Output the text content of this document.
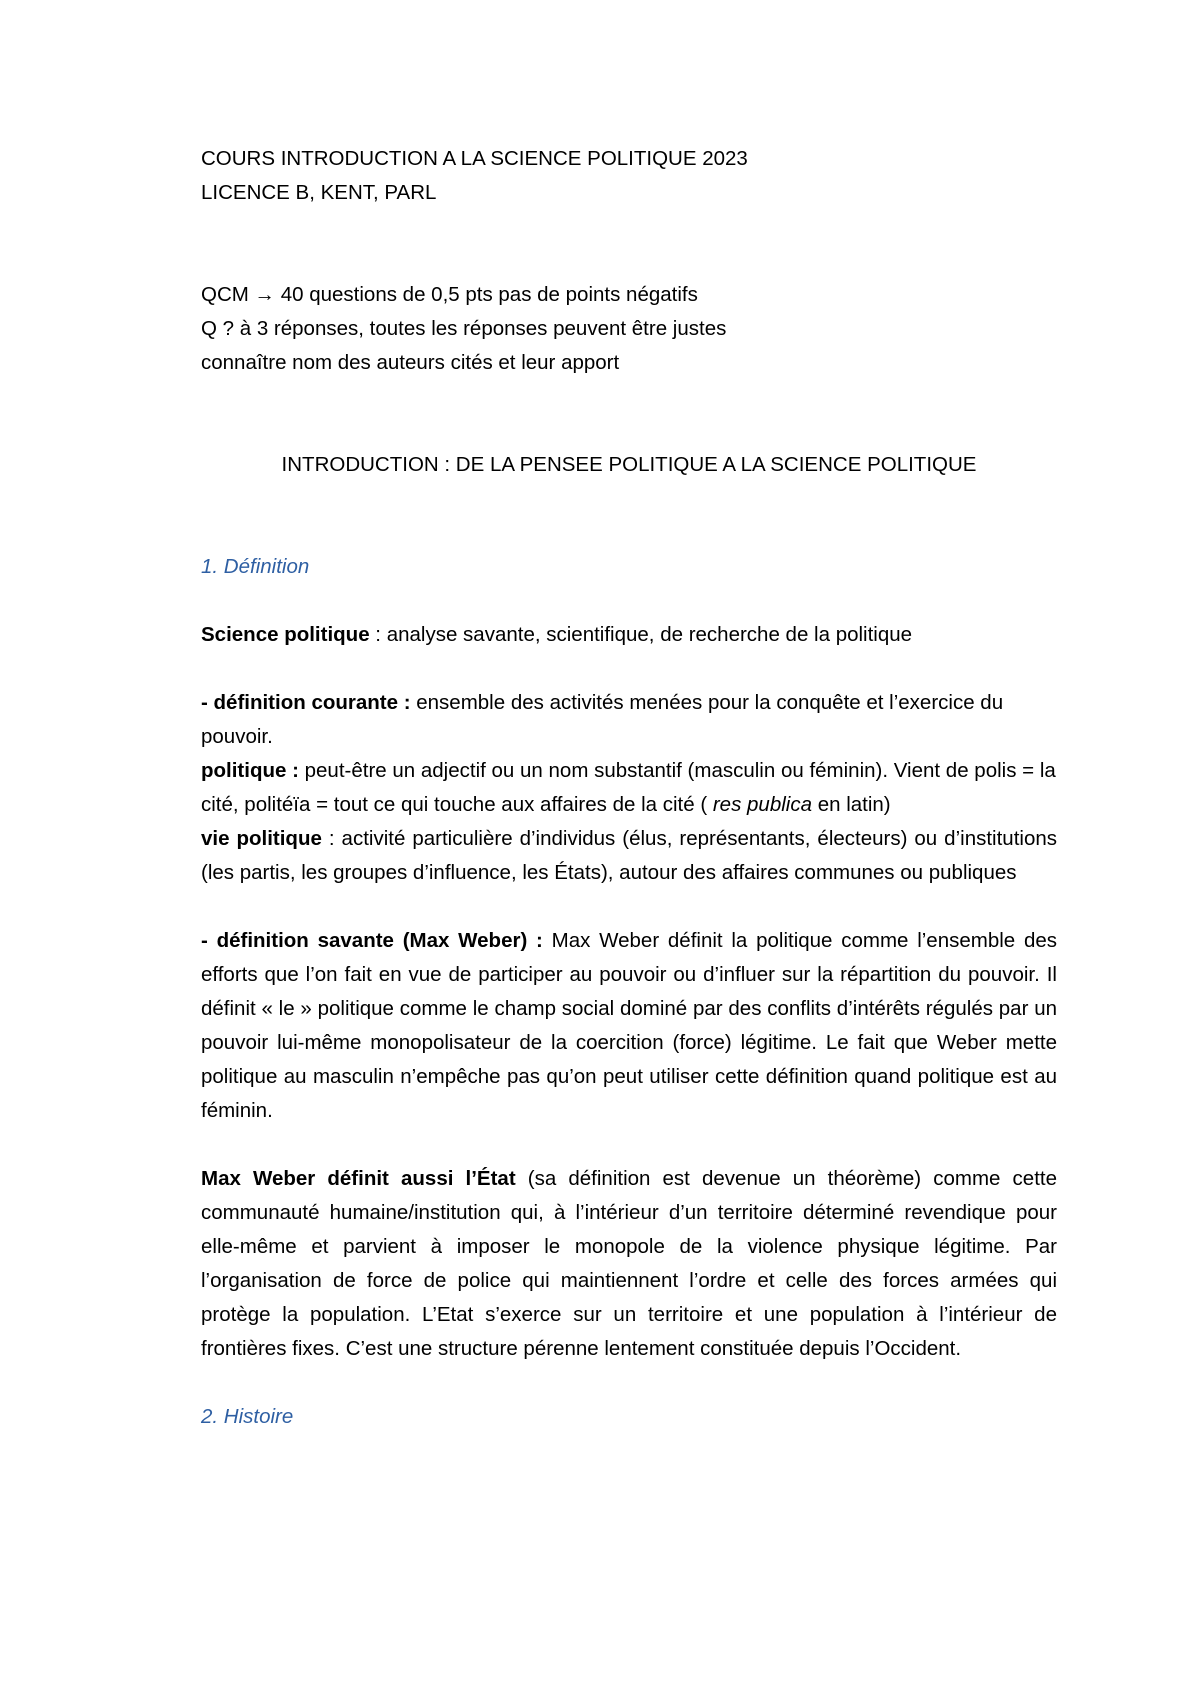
COURS INTRODUCTION A LA SCIENCE POLITIQUE 2023
LICENCE B, KENT, PARL
QCM → 40 questions de 0,5 pts pas de points négatifs
Q ? à 3 réponses, toutes les réponses peuvent être justes
connaître nom des auteurs cités et leur apport
INTRODUCTION : DE LA PENSEE POLITIQUE A LA SCIENCE POLITIQUE
1. Définition

Science politique : analyse savante, scientifique, de recherche de la politique

- définition courante : ensemble des activités menées pour la conquête et l’exercice du pouvoir.

politique : peut-être un adjectif ou un nom substantif (masculin ou féminin). Vient de polis = la cité, politéïa = tout ce qui touche aux affaires de la cité ( res publica en latin)

vie politique : activité particulière d’individus (élus, représentants, électeurs) ou d’institutions (les partis, les groupes d’influence, les États), autour des affaires communes ou publiques

- définition savante (Max Weber) : Max Weber définit la politique comme l’ensemble des efforts que l’on fait en vue de participer au pouvoir ou d’influer sur la répartition du pouvoir. Il définit « le » politique comme le champ social dominé par des conflits d’intérêts régulés par un pouvoir lui-même monopolisateur de la coercition (force) légitime. Le fait que Weber mette politique au masculin n’empêche pas qu’on peut utiliser cette définition quand politique est au féminin.

Max Weber définit aussi l’État (sa définition est devenue un théorème) comme cette communauté humaine/institution qui, à l’intérieur d’un territoire déterminé revendique pour elle-même et parvient à imposer le monopole de la violence physique légitime. Par l’organisation de force de police qui maintiennent l’ordre et celle des forces armées qui protège la population. L’Etat s’exerce sur un territoire et une population à l’intérieur de frontières fixes. C’est une structure pérenne lentement constituée depuis l’Occident.

2. Histoire
